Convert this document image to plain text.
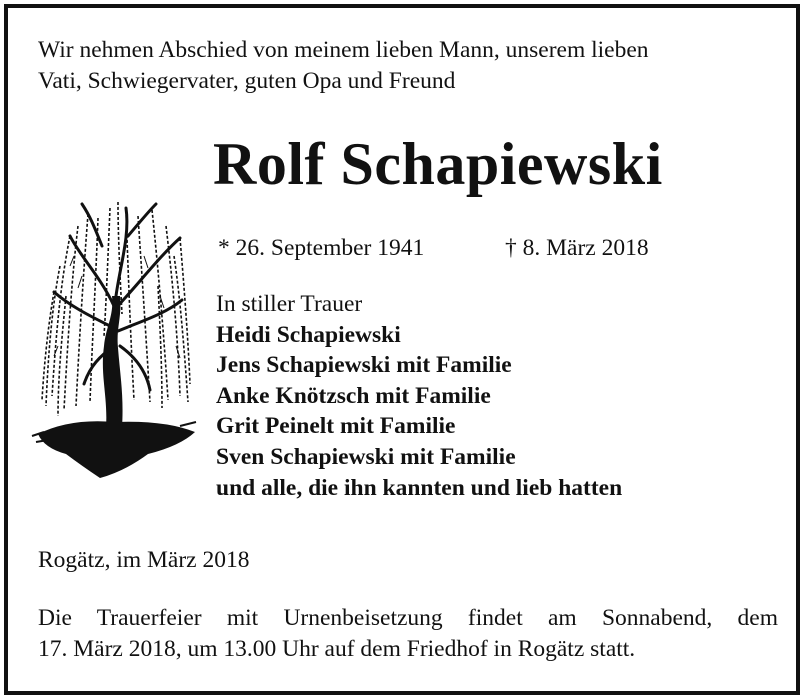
Wir nehmen Abschied von meinem lieben Mann, unserem lieben
Vati, Schwiegervater, guten Opa und Freund
Rolf Schapiewski
* 26. September 1941	† 8. März 2018
In stiller Trauer
Heidi Schapiewski
Jens Schapiewski mit Familie
Anke Knötzsch mit Familie
Grit Peinelt mit Familie
Sven Schapiewski mit Familie
und alle, die ihn kannten und lieb hatten
Rogätz, im März 2018
Die Trauerfeier mit Urnenbeisetzung findet am Sonnabend, dem
17. März 2018, um 13.00 Uhr auf dem Friedhof in Rogätz statt.
